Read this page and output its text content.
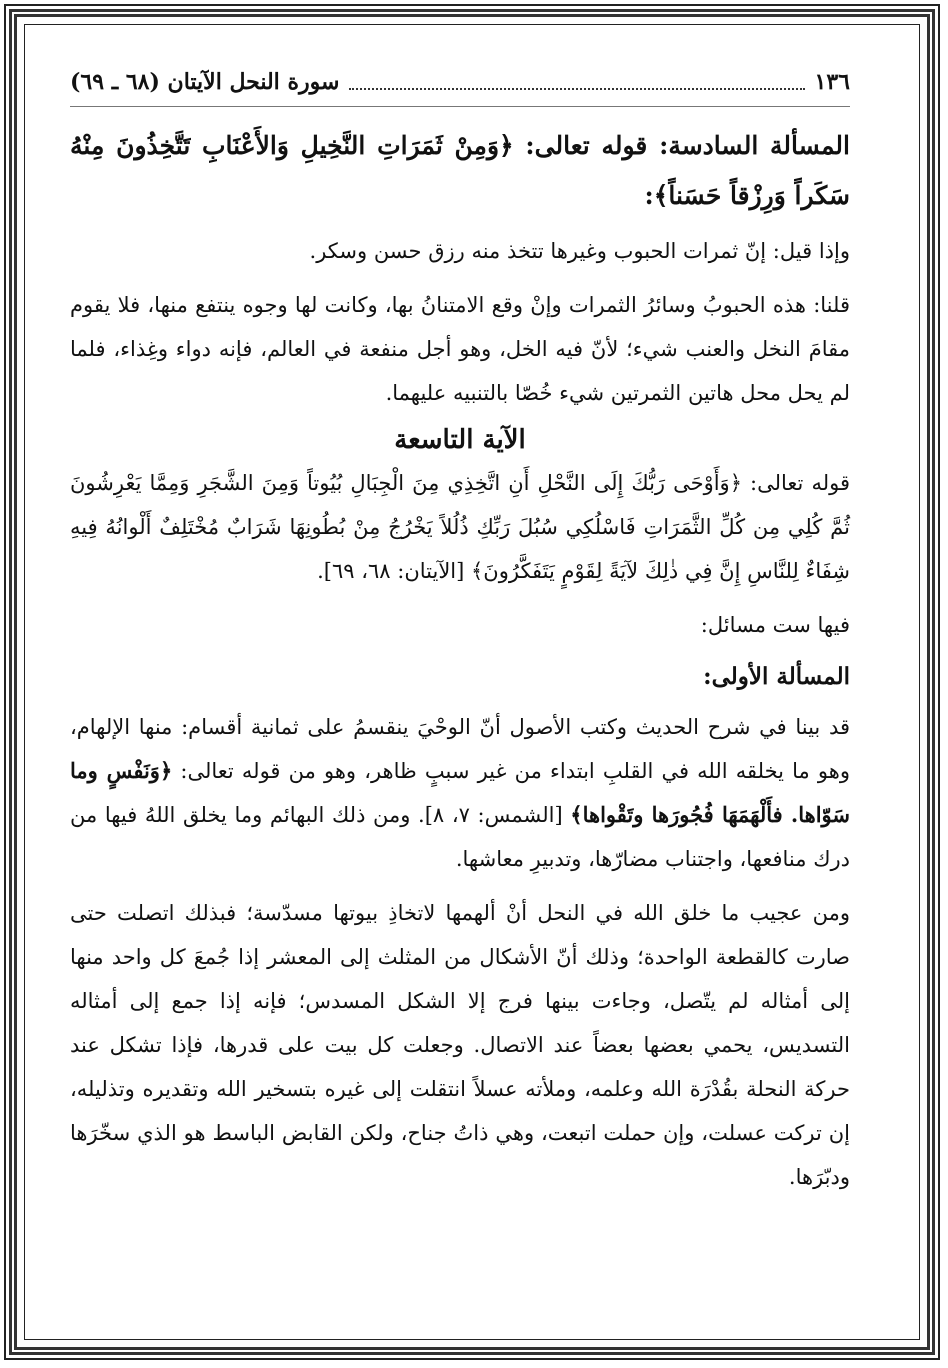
١٣٦
سورة النحل الآيتان (٦٨ ـ ٦٩)

المسألة السادسة: قوله تعالى: ﴿وَمِنْ ثَمَرَاتِ النَّخِيلِ وَالأَعْنَابِ تَتَّخِذُونَ مِنْهُ سَكَراً وَرِزْقاً حَسَناً﴾:

وإذا قيل: إنّ ثمرات الحبوب وغيرها تتخذ منه رزق حسن وسكر.

قلنا: هذه الحبوبُ وسائرُ الثمرات وإنْ وقع الامتنانُ بها، وكانت لها وجوه ينتفع منها، فلا يقوم مقامَ النخل والعنب شيء؛ لأنّ فيه الخل، وهو أجل منفعة في العالم، فإنه دواء وغِذاء، فلما لم يحل محل هاتين الثمرتين شيء خُصّا بالتنبيه عليهما.

الآية التاسعة

قوله تعالى: ﴿وَأَوْحَى رَبُّكَ إِلَى النَّحْلِ أَنِ اتَّخِذِي مِنَ الْجِبَالِ بُيُوتاً وَمِنَ الشَّجَرِ وَمِمَّا يَعْرِشُونَ ثُمَّ كُلِي مِن كُلِّ الثَّمَرَاتِ فَاسْلُكِي سُبُلَ رَبِّكِ ذُلُلاً يَخْرُجُ مِنْ بُطُونِهَا شَرَابٌ مُخْتَلِفٌ أَلْوانُهُ فِيهِ شِفَاءٌ لِلنَّاسِ إِنَّ فِي ذٰلِكَ لآيَةً لِقَوْمٍ يَتَفَكَّرُونَ﴾ [الآيتان: ٦٨، ٦٩].

فيها ست مسائل:

المسألة الأولى:

قد بينا في شرح الحديث وكتب الأصول أنّ الوحْيَ ينقسمُ على ثمانية أقسام: منها الإلهام، وهو ما يخلقه الله في القلبِ ابتداء من غير سببٍ ظاهر، وهو من قوله تعالى: ﴿وَنَفْسٍ وما سَوّاها. فأَلْهَمَهَا فُجُورَها وتَقْواها﴾ [الشمس: ٧، ٨]. ومن ذلك البهائم وما يخلق اللهُ فيها من درك منافعها، واجتناب مضارّها، وتدبيرِ معاشها.

ومن عجيب ما خلق الله في النحل أنْ ألهمها لاتخاذِ بيوتها مسدّسة؛ فبذلك اتصلت حتى صارت كالقطعة الواحدة؛ وذلك أنّ الأشكال من المثلث إلى المعشر إذا جُمعَ كل واحد منها إلى أمثاله لم يتّصل، وجاءت بينها فرج إلا الشكل المسدس؛ فإنه إذا جمع إلى أمثاله التسديس، يحمي بعضها بعضاً عند الاتصال. وجعلت كل بيت على قدرها، فإذا تشكل عند حركة النحلة بقُدْرَة الله وعلمه، وملأته عسلاً انتقلت إلى غيره بتسخير الله وتقديره وتذليله، إن تركت عسلت، وإن حملت اتبعت، وهي ذاتُ جناح، ولكن القابض الباسط هو الذي سخّرَها ودبّرَها.
